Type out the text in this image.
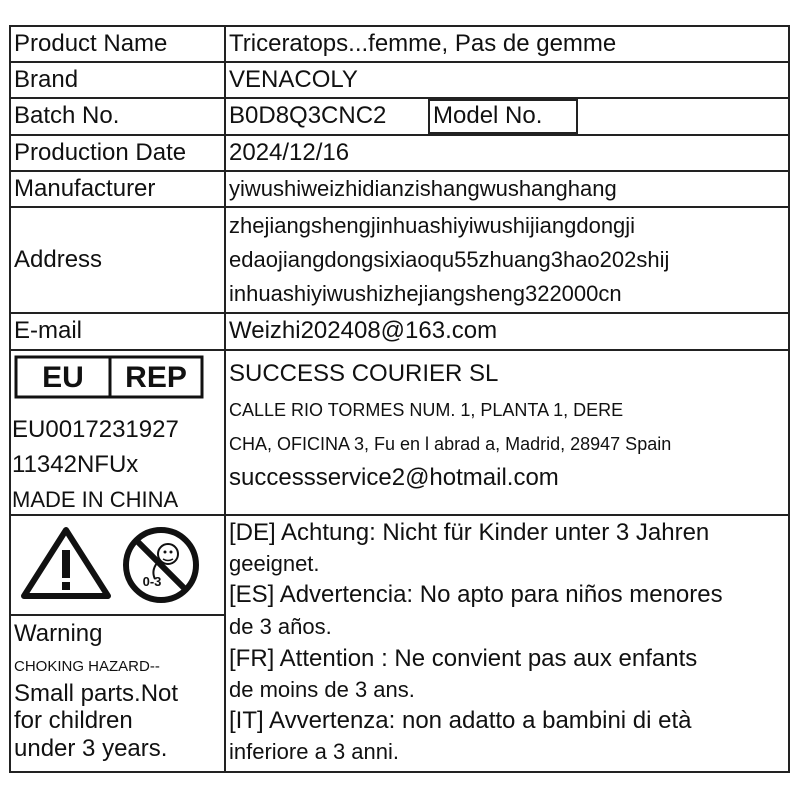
Product Name
Brand
Batch No.
Production Date
Manufacturer
Address
E-mail
Triceratops...femme, Pas de gemme
VENACOLY
B0D8Q3CNC2 Model No.
2024/12/16
yiwushiweizhidianzishangwushanghang
zhejiangshengjinhuashiyiwushijiangdongji
edaojiangdongsixiaoqu55zhuang3hao202shij
inhuashiyiwushizhejiangsheng322000cn
Weizhi202408@163.com
EU REP
EU0017231927
11342NFUx
MADE IN CHINA
SUCCESS COURIER SL
CALLE RIO TORMES NUM. 1, PLANTA 1, DERE
CHA, OFICINA 3, Fu en l abrad a, Madrid, 28947 Spain
successservice2@hotmail.com
0-3
Warning
CHOKING HAZARD--
Small parts.Not
for children
under 3 years.
[DE] Achtung: Nicht für Kinder unter 3 Jahren
geeignet.
[ES] Advertencia: No apto para niños menores
de 3 años.
[FR] Attention : Ne convient pas aux enfants
de moins de 3 ans.
[IT] Avvertenza: non adatto a bambini di età
inferiore a 3 anni.
